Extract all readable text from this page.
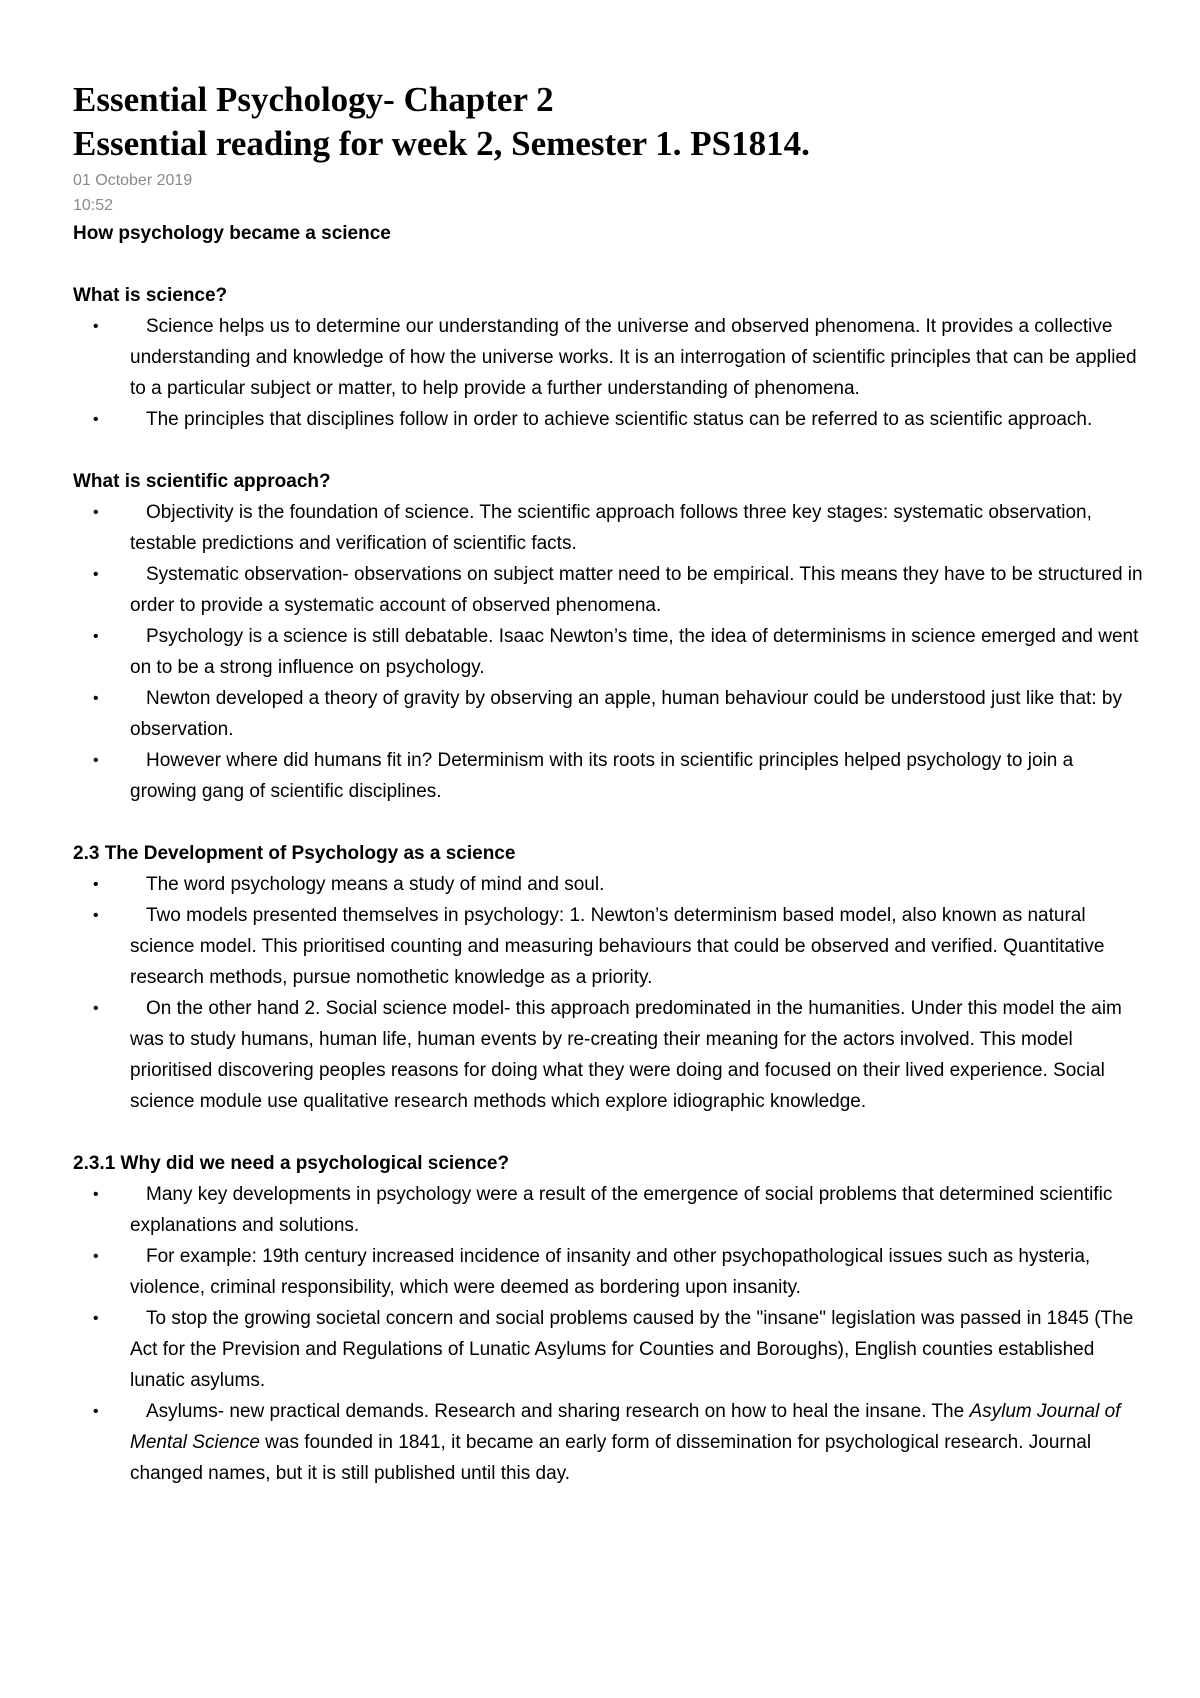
Essential Psychology- Chapter 2
Essential reading for week 2, Semester 1. PS1814.
01 October 2019
10:52
How psychology became a science
What is science?
• Science helps us to determine our understanding of the universe and observed phenomena. It provides a collective understanding and knowledge of how the universe works. It is an interrogation of scientific principles that can be applied to a particular subject or matter, to help provide a further understanding of phenomena.
• The principles that disciplines follow in order to achieve scientific status can be referred to as scientific approach.
What is scientific approach?
• Objectivity is the foundation of science. The scientific approach follows three key stages: systematic observation, testable predictions and verification of scientific facts.
• Systematic observation- observations on subject matter need to be empirical. This means they have to be structured in order to provide a systematic account of observed phenomena.
• Psychology is a science is still debatable. Isaac Newton’s time, the idea of determinisms in science emerged and went on to be a strong influence on psychology.
• Newton developed a theory of gravity by observing an apple, human behaviour could be understood just like that: by observation.
• However where did humans fit in? Determinism with its roots in scientific principles helped psychology to join a growing gang of scientific disciplines.
2.3 The Development of Psychology as a science
• The word psychology means a study of mind and soul.
• Two models presented themselves in psychology: 1. Newton’s determinism based model, also known as natural science model. This prioritised counting and measuring behaviours that could be observed and verified. Quantitative research methods, pursue nomothetic knowledge as a priority.
• On the other hand 2. Social science model- this approach predominated in the humanities. Under this model the aim was to study humans, human life, human events by re-creating their meaning for the actors involved. This model prioritised discovering peoples reasons for doing what they were doing and focused on their lived experience. Social science module use qualitative research methods which explore idiographic knowledge.
2.3.1 Why did we need a psychological science?
• Many key developments in psychology were a result of the emergence of social problems that determined scientific explanations and solutions.
• For example: 19th century increased incidence of insanity and other psychopathological issues such as hysteria, violence, criminal responsibility, which were deemed as bordering upon insanity.
• To stop the growing societal concern and social problems caused by the "insane" legislation was passed in 1845 (The Act for the Prevision and Regulations of Lunatic Asylums for Counties and Boroughs), English counties established lunatic asylums.
• Asylums- new practical demands. Research and sharing research on how to heal the insane. The Asylum Journal of Mental Science was founded in 1841, it became an early form of dissemination for psychological research. Journal changed names, but it is still published until this day.
